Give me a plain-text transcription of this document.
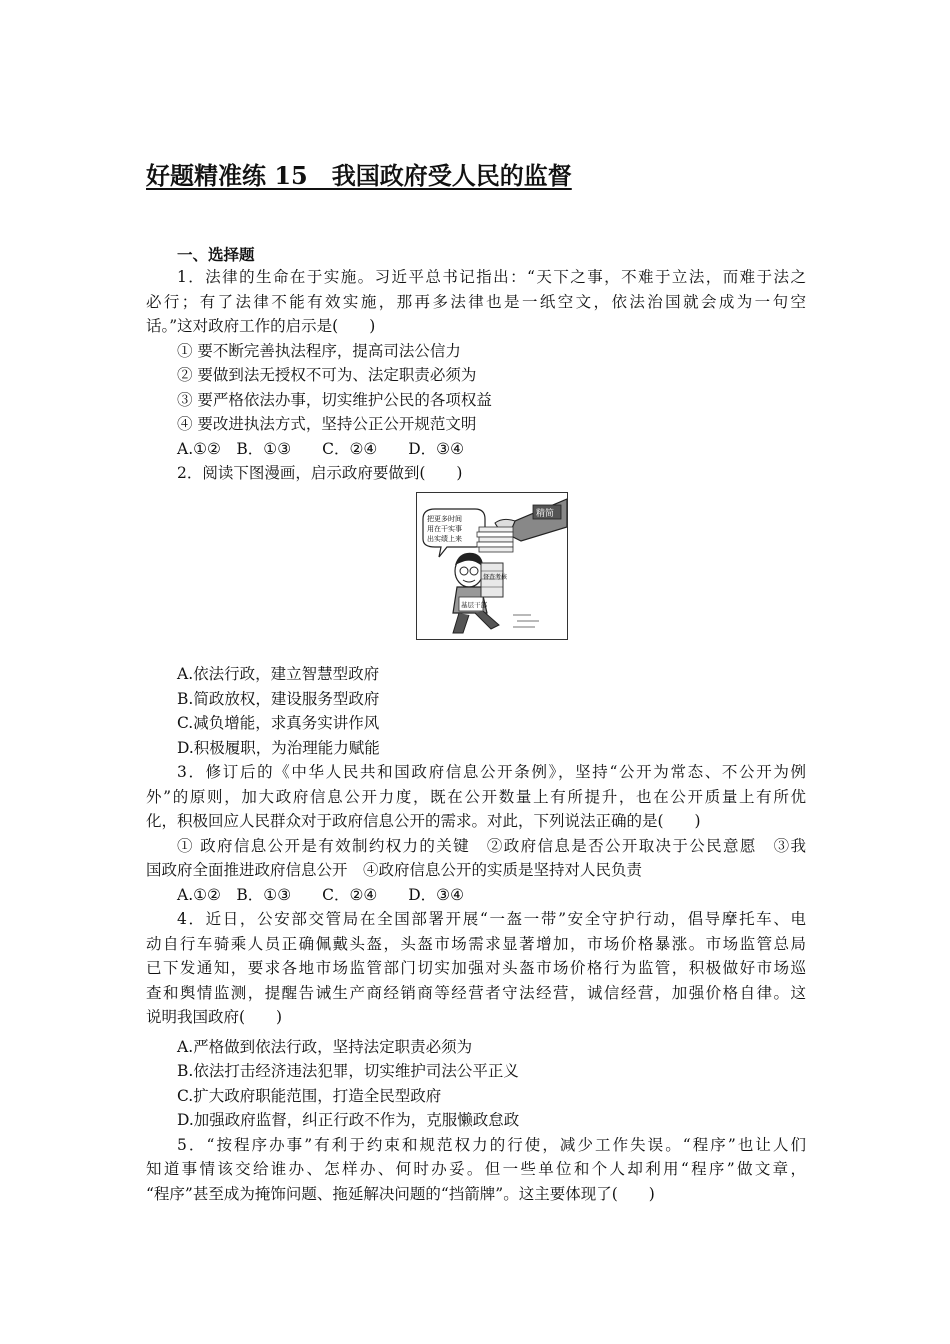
好题精准练 15　我国政府受人民的监督
一、选择题
1．法律的生命在于实施。习近平总书记指出：“天下之事，不难于立法，而难于法之
必行；有了法律不能有效实施，那再多法律也是一纸空文，依法治国就会成为一句空
话。”这对政府工作的启示是(　　)
① 要不断完善执法程序，提高司法公信力
② 要做到法无授权不可为、法定职责必须为
③ 要严格依法办事，切实维护公民的各项权益
④ 要改进执法方式，坚持公正公开规范文明
A.①②　B．①③　　C．②④　　D．③④
2．阅读下图漫画，启示政府要做到(　　)
把更多时间
用在干实事
出实绩上来
精简
基层干部
督查考核
A.依法行政，建立智慧型政府
B.简政放权，建设服务型政府
C.减负增能，求真务实讲作风
D.积极履职，为治理能力赋能
3．修订后的《中华人民共和国政府信息公开条例》，坚持“公开为常态、不公开为例
外”的原则，加大政府信息公开力度，既在公开数量上有所提升，也在公开质量上有所优
化，积极回应人民群众对于政府信息公开的需求。对此，下列说法正确的是(　　)
① 政府信息公开是有效制约权力的关键　②政府信息是否公开取决于公民意愿　③我
国政府全面推进政府信息公开　④政府信息公开的实质是坚持对人民负责
A.①②　B．①③　　C．②④　　D．③④
4．近日，公安部交管局在全国部署开展“一盔一带”安全守护行动，倡导摩托车、电
动自行车骑乘人员正确佩戴头盔，头盔市场需求显著增加，市场价格暴涨。市场监管总局
已下发通知，要求各地市场监管部门切实加强对头盔市场价格行为监管，积极做好市场巡
查和舆情监测，提醒告诫生产商经销商等经营者守法经营，诚信经营，加强价格自律。这
说明我国政府(　　)
A.严格做到依法行政，坚持法定职责必须为
B.依法打击经济违法犯罪，切实维护司法公平正义
C.扩大政府职能范围，打造全民型政府
D.加强政府监督，纠正行政不作为，克服懒政怠政
5．“按程序办事”有利于约束和规范权力的行使，减少工作失误。“程序”也让人们
知道事情该交给谁办、怎样办、何时办妥。但一些单位和个人却利用“程序”做文章，
“程序”甚至成为掩饰问题、拖延解决问题的“挡箭牌”。这主要体现了(　　)
